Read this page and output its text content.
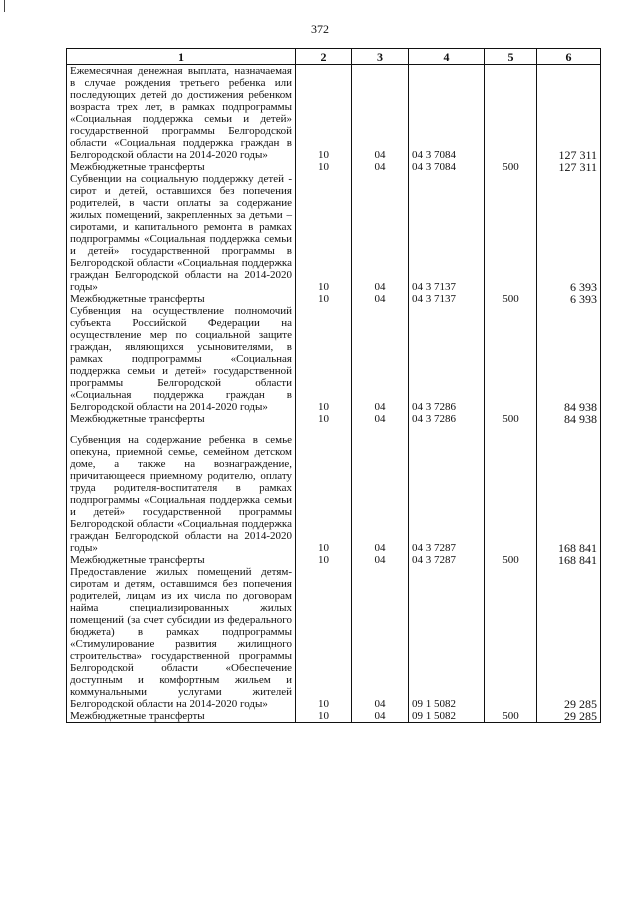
372
1	2	3	4	5	6
Ежемесячная денежная выплата, назначаемая в случае рождения третьего ребенка или последующих детей до достижения ребенком возраста трех лет, в рамках подпрограммы «Социальная поддержка семьи и детей» государственной программы Белгородской области «Социальная поддержка граждан в Белгородской области на 2014-2020 годы»	10	04	04 3 7084		127 311
Межбюджетные трансферты	10	04	04 3 7084	500	127 311
Субвенции на социальную поддержку детей - сирот и детей, оставшихся без попечения родителей, в части оплаты за содержание жилых помещений, закрепленных за детьми – сиротами, и капитального ремонта в рамках подпрограммы «Социальная поддержка семьи и детей» государственной программы в Белгородской области «Социальная поддержка граждан Белгородской области на 2014-2020 годы»	10	04	04 3 7137		6 393
Межбюджетные трансферты	10	04	04 3 7137	500	6 393
Субвенция на осуществление полномочий субъекта Российской Федерации на осуществление мер по социальной защите граждан, являющихся усыновителями, в рамках подпрограммы «Социальная поддержка семьи и детей» государственной программы Белгородской области «Социальная поддержка граждан в Белгородской области на 2014-2020 годы»	10	04	04 3 7286		84 938
Межбюджетные трансферты	10	04	04 3 7286	500	84 938

Субвенция на содержание ребенка в семье опекуна, приемной семье, семейном детском доме, а также на вознаграждение, причитающееся приемному родителю, оплату труда родителя-воспитателя в рамках подпрограммы «Социальная поддержка семьи и детей» государственной программы Белгородской области «Социальная поддержка граждан Белгородской области на 2014-2020 годы»	10	04	04 3 7287		168 841
Межбюджетные трансферты	10	04	04 3 7287	500	168 841
Предоставление жилых помещений детям-сиротам и детям, оставшимся без попечения родителей, лицам из их числа по договорам найма специализированных жилых помещений (за счет субсидии из федерального бюджета) в рамках подпрограммы «Стимулирование развития жилищного строительства» государственной программы Белгородской области «Обеспечение доступным и комфортным жильем и коммунальными услугами жителей Белгородской области на 2014-2020 годы»	10	04	09 1 5082		29 285
Межбюджетные трансферты	10	04	09 1 5082	500	29 285
